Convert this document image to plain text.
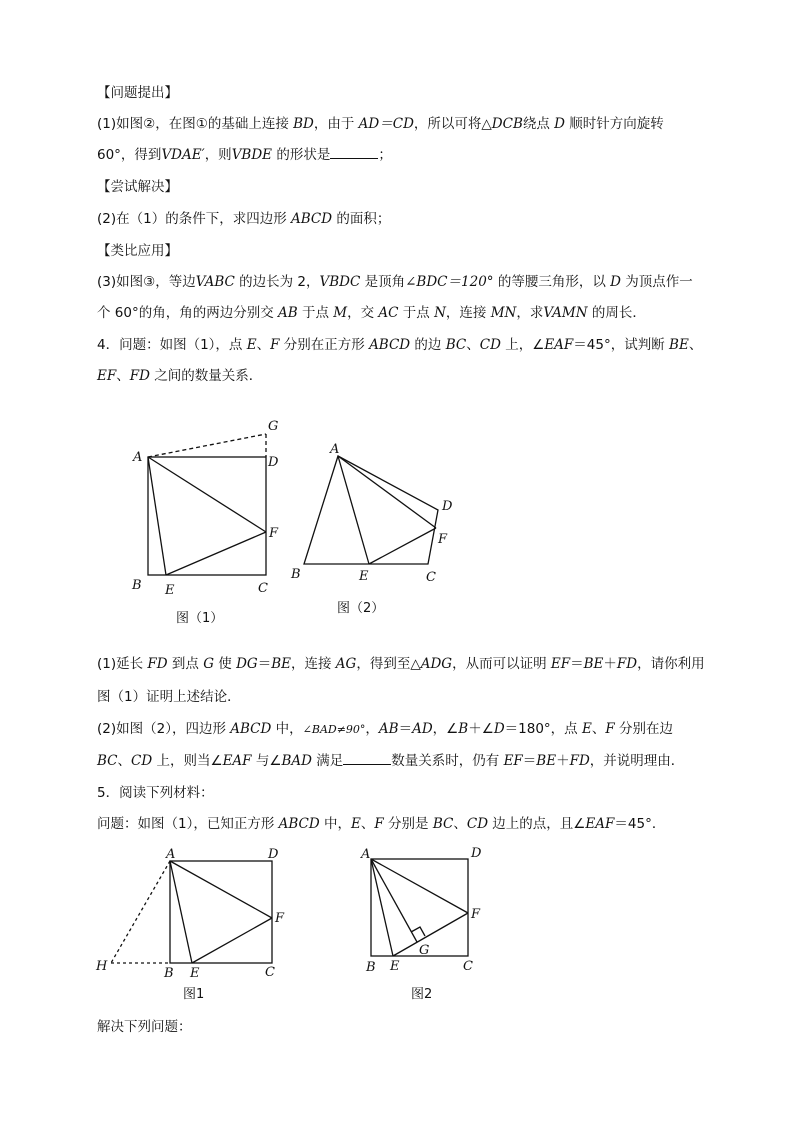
【问题提出】
(1)如图②，在图①的基础上连接 BD，由于 AD＝CD，所以可将△DCB绕点 D 顺时针方向旋转
60°，得到VDAE′，则VBDE 的形状是	；
【尝试解决】
(2)在（1）的条件下，求四边形 ABCD 的面积；
【类比应用】
(3)如图③，等边VABC 的边长为 2，VBDC 是顶角∠BDC＝120° 的等腰三角形，以 D 为顶点作一
个 60°的角，角的两边分别交 AB 于点 M，交 AC 于点 N，连接 MN，求VAMN 的周长．
4．问题：如图（1），点 E、F 分别在正方形 ABCD 的边 BC、CD 上，∠EAF＝45°，试判断 BE、
EF、FD 之间的数量关系．
(1)延长 FD 到点 G 使 DG＝BE，连接 AG，得到至△ADG，从而可以证明 EF＝BE＋FD，请你利用
图（1）证明上述结论．
(2)如图（2），四边形 ABCD 中，∠BAD≠90°，AB＝AD，∠B＋∠D＝180°，点 E、F 分别在边
BC、CD 上，则当∠EAF 与∠BAD 满足	数量关系时，仍有 EF＝BE＋FD，并说明理由．
5．阅读下列材料：
问题：如图（1），已知正方形 ABCD 中，E、F 分别是 BC、CD 边上的点，且∠EAF＝45°．
解决下列问题：
A
B	C
D
E
F
G
图（1）
A
B	C
D
E
F
图（2）
A
B	C
D
E
F
H
图1
A
B	C
D
E
F
G
图2
